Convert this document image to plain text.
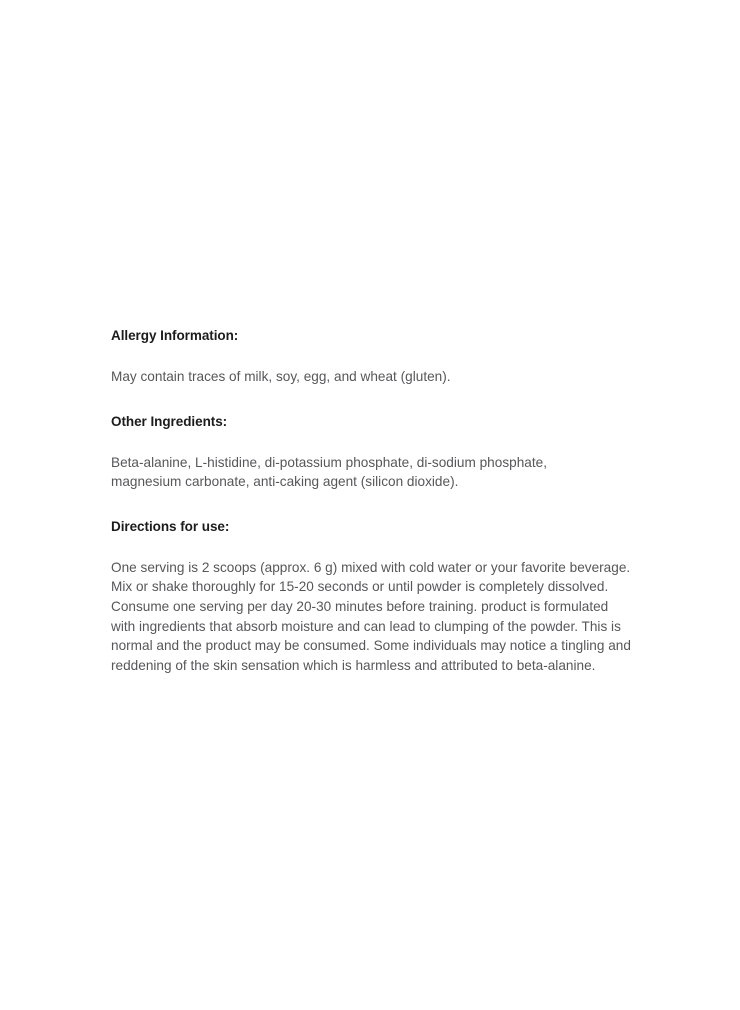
Allergy Information:

May contain traces of milk, soy, egg, and wheat (gluten).

Other Ingredients:

Beta-alanine, L-histidine, di-potassium phosphate, di-sodium phosphate, magnesium carbonate, anti-caking agent (silicon dioxide).

Directions for use:

One serving is 2 scoops (approx. 6 g) mixed with cold water or your favorite beverage. Mix or shake thoroughly for 15-20 seconds or until powder is completely dissolved. Consume one serving per day 20-30 minutes before training. product is formulated with ingredients that absorb moisture and can lead to clumping of the powder. This is normal and the product may be consumed. Some individuals may notice a tingling and reddening of the skin sensation which is harmless and attributed to beta-alanine.
